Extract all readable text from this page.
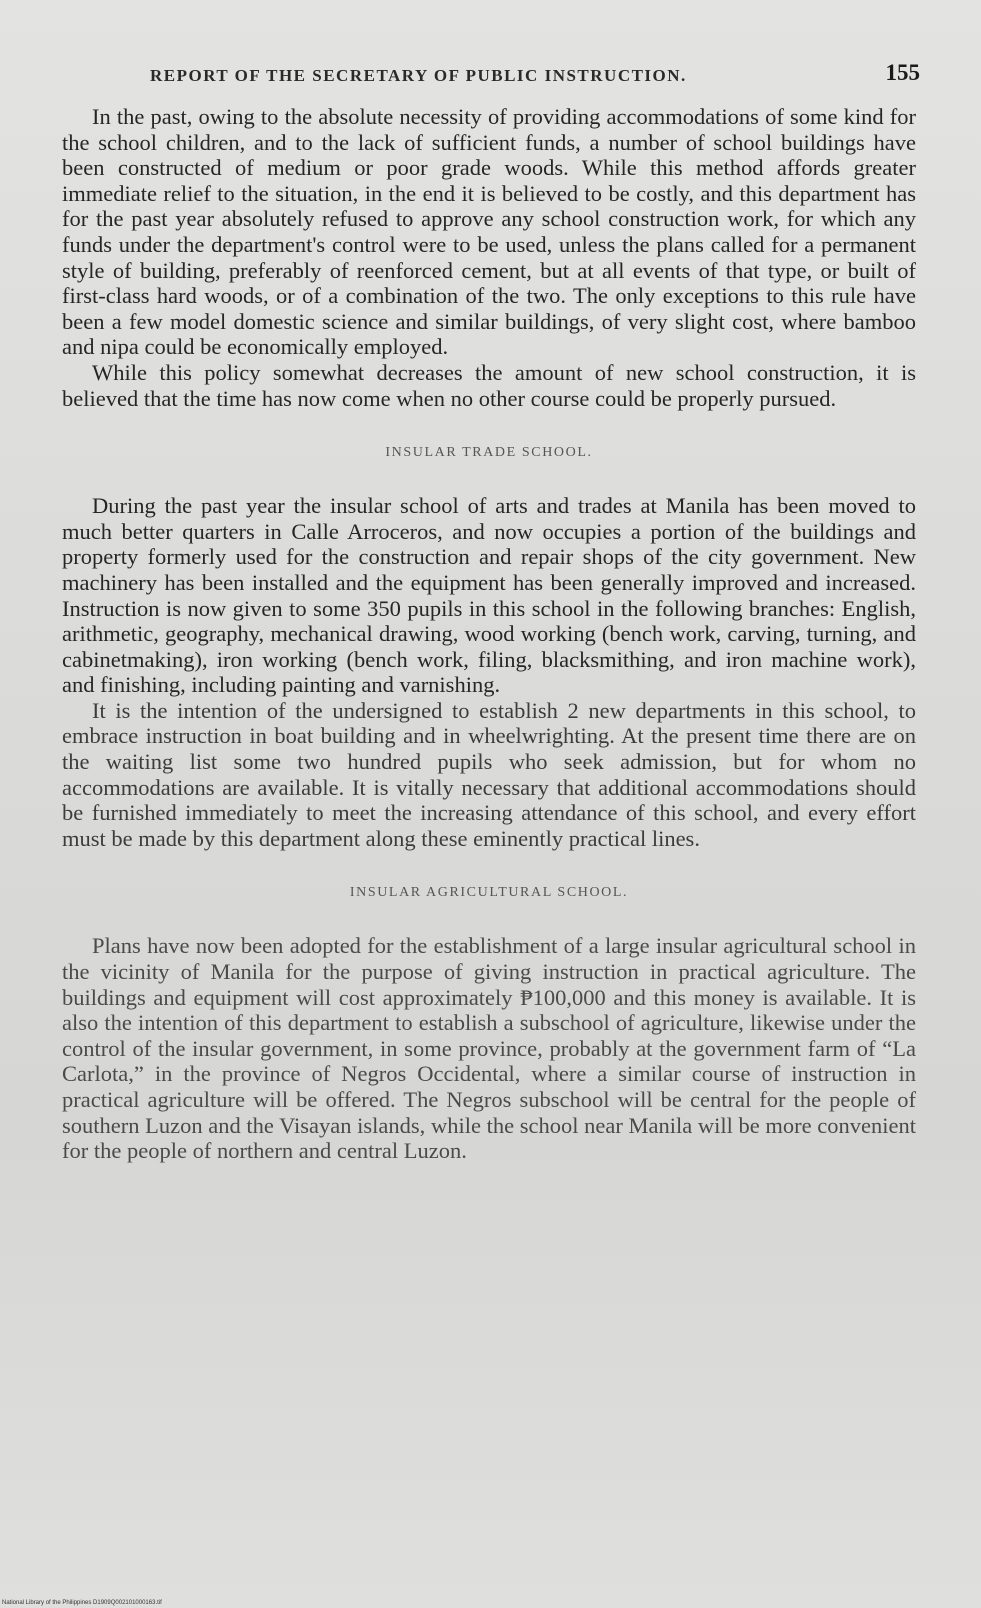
REPORT OF THE SECRETARY OF PUBLIC INSTRUCTION.	155

In the past, owing to the absolute necessity of providing accommodations of some kind for the school children, and to the lack of sufficient funds, a number of school buildings have been constructed of medium or poor grade woods. While this method affords greater immediate relief to the situation, in the end it is believed to be costly, and this department has for the past year absolutely refused to approve any school construction work, for which any funds under the department's control were to be used, unless the plans called for a permanent style of building, preferably of reenforced cement, but at all events of that type, or built of first-class hard woods, or of a combination of the two. The only exceptions to this rule have been a few model domestic science and similar buildings, of very slight cost, where bamboo and nipa could be economically employed.

While this policy somewhat decreases the amount of new school construction, it is believed that the time has now come when no other course could be properly pursued.

INSULAR TRADE SCHOOL.

During the past year the insular school of arts and trades at Manila has been moved to much better quarters in Calle Arroceros, and now occupies a portion of the buildings and property formerly used for the construction and repair shops of the city government. New machinery has been installed and the equipment has been generally improved and increased. Instruction is now given to some 350 pupils in this school in the following branches: English, arithmetic, geography, mechanical drawing, wood working (bench work, carving, turning, and cabinetmaking), iron working (bench work, filing, blacksmithing, and iron machine work), and finishing, including painting and varnishing.

It is the intention of the undersigned to establish 2 new departments in this school, to embrace instruction in boat building and in wheelwrighting. At the present time there are on the waiting list some two hundred pupils who seek admission, but for whom no accommodations are available. It is vitally necessary that additional accommodations should be furnished immediately to meet the increasing attendance of this school, and every effort must be made by this department along these eminently practical lines.

INSULAR AGRICULTURAL SCHOOL.

Plans have now been adopted for the establishment of a large insular agricultural school in the vicinity of Manila for the purpose of giving instruction in practical agriculture. The buildings and equipment will cost approximately ₱100,000 and this money is available. It is also the intention of this department to establish a subschool of agriculture, likewise under the control of the insular government, in some province, probably at the government farm of “La Carlota,” in the province of Negros Occidental, where a similar course of instruction in practical agriculture will be offered. The Negros subschool will be central for the people of southern Luzon and the Visayan islands, while the school near Manila will be more convenient for the people of northern and central Luzon.

National Library of the Philippines D1909Q002101000163.tif
